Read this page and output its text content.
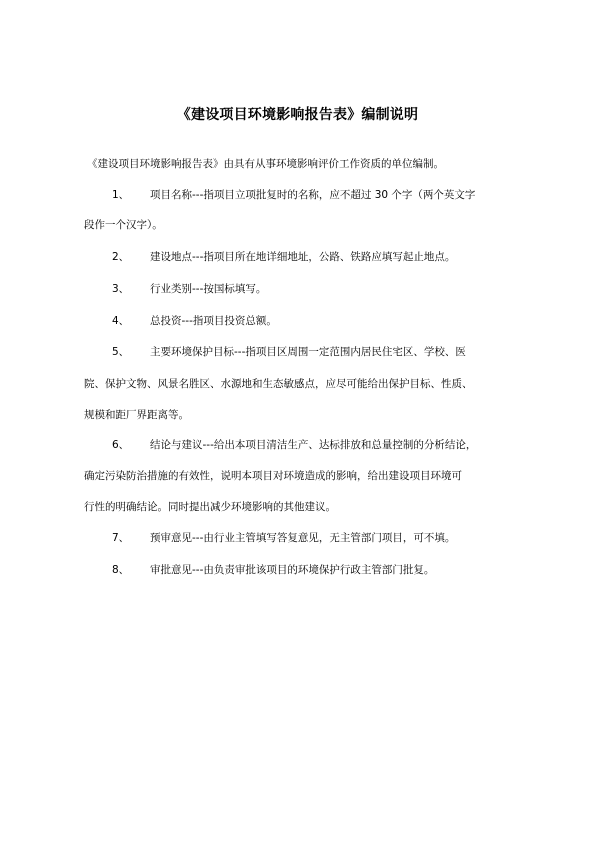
《建设项目环境影响报告表》编制说明
《建设项目环境影响报告表》由具有从事环境影响评价工作资质的单位编制。
1、 项目名称---指项目立项批复时的名称，应不超过 30 个字（两个英文字
段作一个汉字）。
2、 建设地点---指项目所在地详细地址，公路、铁路应填写起止地点。
3、 行业类别---按国标填写。
4、 总投资---指项目投资总额。
5、 主要环境保护目标---指项目区周围一定范围内居民住宅区、学校、医
院、保护文物、风景名胜区、水源地和生态敏感点，应尽可能给出保护目标、性质、
规模和距厂界距离等。
6、 结论与建议---给出本项目清洁生产、达标排放和总量控制的分析结论，
确定污染防治措施的有效性，说明本项目对环境造成的影响，给出建设项目环境可
行性的明确结论。同时提出减少环境影响的其他建议。
7、 预审意见---由行业主管填写答复意见，无主管部门项目，可不填。
8、 审批意见---由负责审批该项目的环境保护行政主管部门批复。
